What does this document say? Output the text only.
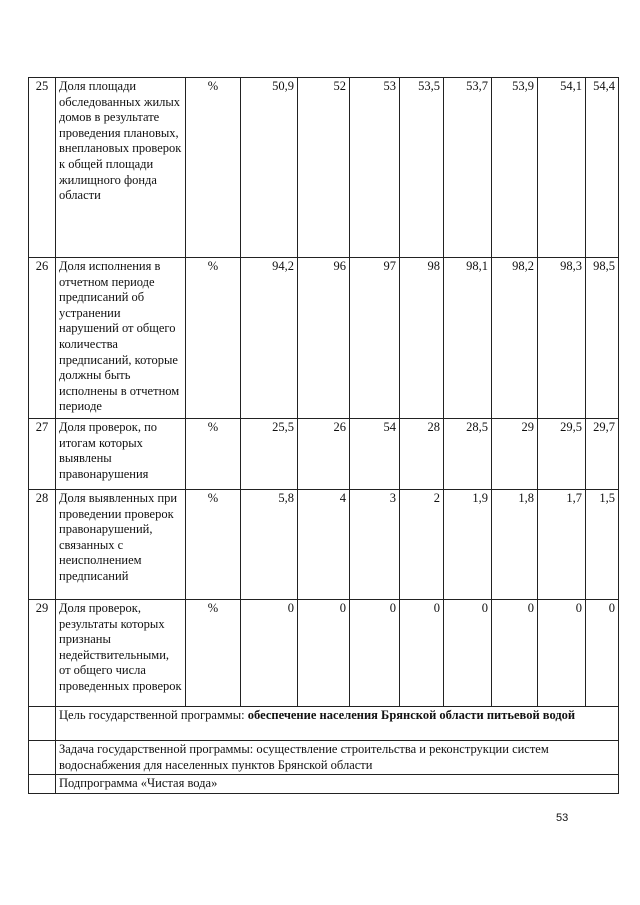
25	Доля площади обследованных жилых домов в результате проведения плановых, внеплановых проверок к общей площади жилищного фонда области	%	50,9	52	53	53,5	53,7	53,9	54,1	54,4	
26	Доля исполнения в отчетном периоде предписаний об устранении нарушений от общего количества предписаний, которые должны быть исполнены в отчетном периоде	%	94,2	96	97	98	98,1	98,2	98,3	98,5	
27	Доля проверок, по итогам которых выявлены правонарушения	%	25,5	26	54	28	28,5	29	29,5	29,7	
28	Доля выявленных при проведении проверок правонарушений, связанных с неисполнением предписаний	%	5,8	4	3	2	1,9	1,8	1,7	1,5	
29	Доля проверок, результаты которых признаны недействительными, от общего числа проведенных проверок	%	0	0	0	0	0	0	0	0	
	Цель государственной программы: обеспечение населения Брянской области питьевой водой										
	Задача государственной программы: осуществление строительства и реконструкции систем водоснабжения для населенных пунктов Брянской области										
	Подпрограмма «Чистая вода»										
53
